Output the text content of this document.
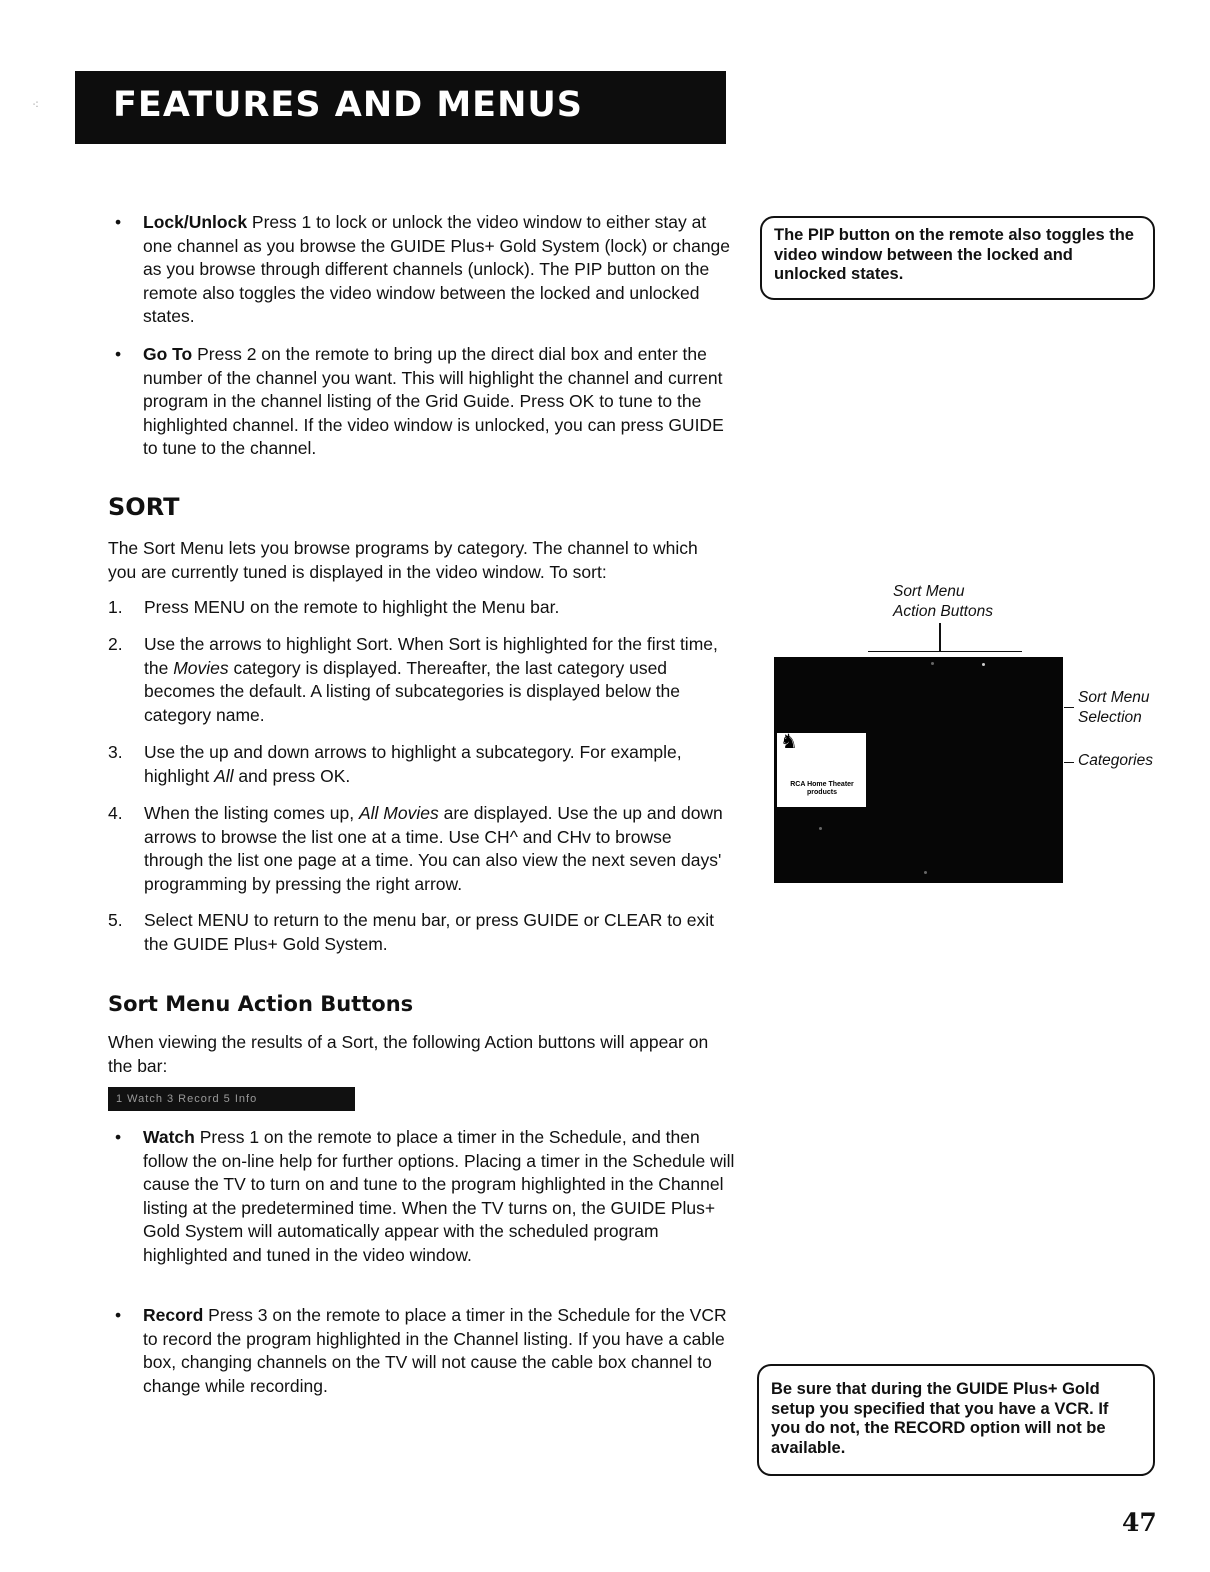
⁖ FEATURES AND MENUS
• Lock/Unlock Press 1 to lock or unlock the video window to either stay at one channel as you browse the GUIDE Plus+ Gold System (lock) or change as you browse through different channels (unlock). The PIP button on the remote also toggles the video window between the locked and unlocked states.
• Go To Press 2 on the remote to bring up the direct dial box and enter the number of the channel you want. This will highlight the channel and current program in the channel listing of the Grid Guide. Press OK to tune to the highlighted channel. If the video window is unlocked, you can press GUIDE to tune to the channel.
The PIP button on the remote also toggles the video window between the locked and unlocked states.
SORT
The Sort Menu lets you browse programs by category. The channel to which you are currently tuned is displayed in the video window. To sort:
1. Press MENU on the remote to highlight the Menu bar.
2. Use the arrows to highlight Sort. When Sort is highlighted for the first time, the Movies category is displayed. Thereafter, the last category used becomes the default. A listing of subcategories is displayed below the category name.
3. Use the up and down arrows to highlight a subcategory. For example, highlight All and press OK.
4. When the listing comes up, All Movies are displayed. Use the up and down arrows to browse the list one at a time. Use CH^ and CHv to browse through the list one page at a time. You can also view the next seven days' programming by pressing the right arrow.
5. Select MENU to return to the menu bar, or press GUIDE or CLEAR to exit the GUIDE Plus+ Gold System.
Sort Menu
Action Buttons
♞
RCA Home Theater products
Sort Menu
Selection
Categories
Sort Menu Action Buttons
When viewing the results of a Sort, the following Action buttons will appear on the bar:
1 Watch 3 Record 5 Info
• Watch Press 1 on the remote to place a timer in the Schedule, and then follow the on-line help for further options. Placing a timer in the Schedule will cause the TV to turn on and tune to the program highlighted in the Channel listing at the predetermined time. When the TV turns on, the GUIDE Plus+ Gold System will automatically appear with the scheduled program highlighted and tuned in the video window.
• Record Press 3 on the remote to place a timer in the Schedule for the VCR to record the program highlighted in the Channel listing. If you have a cable box, changing channels on the TV will not cause the cable box channel to change while recording.	Be sure that during the GUIDE Plus+ Gold setup you specified that you have a VCR. If you do not, the RECORD option will not be available.
47
